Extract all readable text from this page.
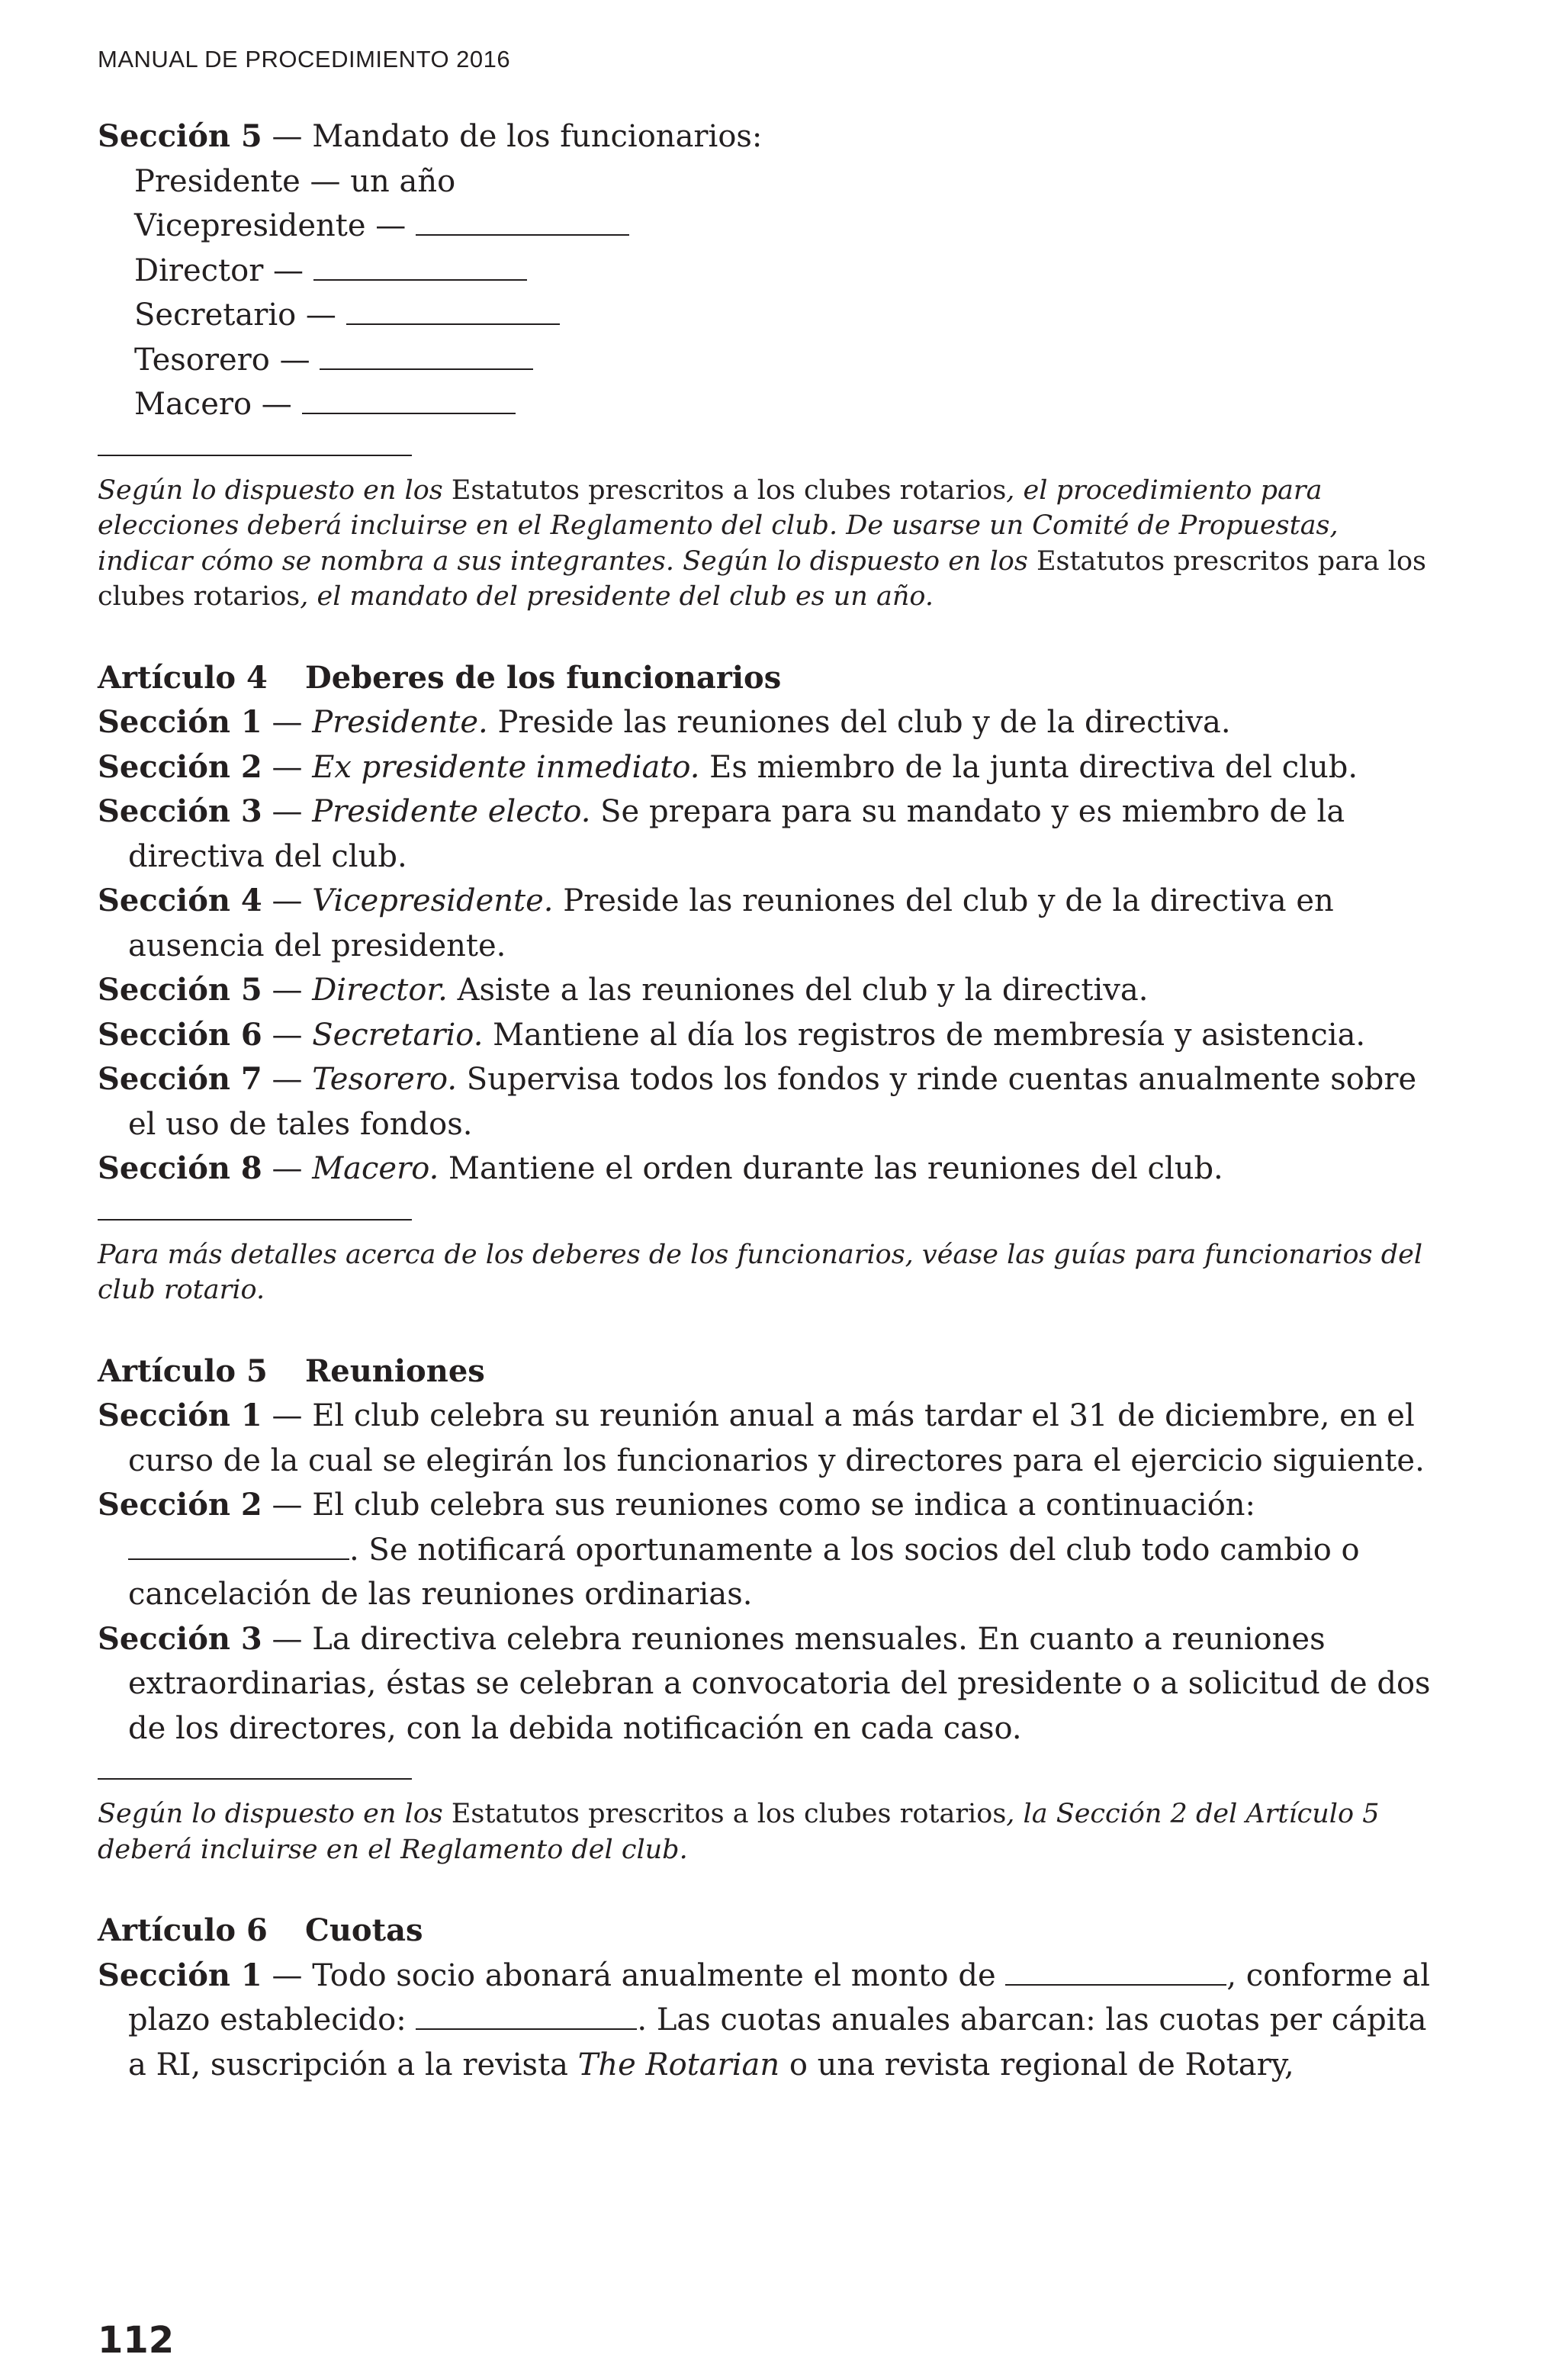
MANUAL DE PROCEDIMIENTO 2016

Sección 5 — Mandato de los funcionarios:

Presidente — un año

Vicepresidente —

Director —

Secretario —

Tesorero —

Macero —

Según lo dispuesto en los Estatutos prescritos a los clubes rotarios, el procedimiento para elecciones deberá incluirse en el Reglamento del club. De usarse un Comité de Propuestas, indicar cómo se nombra a sus integrantes. Según lo dispuesto en los Estatutos prescritos para los clubes rotarios, el mandato del presidente del club es un año.

Artículo 4 Deberes de los funcionarios

Sección 1 — Presidente. Preside las reuniones del club y de la directiva.

Sección 2 — Ex presidente inmediato. Es miembro de la junta directiva del club.

Sección 3 — Presidente electo. Se prepara para su mandato y es miembro de la directiva del club.

Sección 4 — Vicepresidente. Preside las reuniones del club y de la directiva en ausencia del presidente.

Sección 5 — Director. Asiste a las reuniones del club y la directiva.

Sección 6 — Secretario. Mantiene al día los registros de membresía y asistencia.

Sección 7 — Tesorero. Supervisa todos los fondos y rinde cuentas anualmente sobre el uso de tales fondos.

Sección 8 — Macero. Mantiene el orden durante las reuniones del club.

Para más detalles acerca de los deberes de los funcionarios, véase las guías para funcionarios del club rotario.

Artículo 5 Reuniones

Sección 1 — El club celebra su reunión anual a más tardar el 31 de diciembre, en el curso de la cual se elegirán los funcionarios y directores para el ejercicio siguiente.

Sección 2 — El club celebra sus reuniones como se indica a continuación: . Se notificará oportunamente a los socios del club todo cambio o cancelación de las reuniones ordinarias.

Sección 3 — La directiva celebra reuniones mensuales. En cuanto a reuniones extraordinarias, éstas se celebran a convocatoria del presidente o a solicitud de dos de los directores, con la debida notificación en cada caso.

Según lo dispuesto en los Estatutos prescritos a los clubes rotarios, la Sección 2 del Artículo 5 deberá incluirse en el Reglamento del club.

Artículo 6 Cuotas

Sección 1 — Todo socio abonará anualmente el monto de	, conforme al plazo establecido:	. Las cuotas anuales abarcan: las cuotas per cápita a RI, suscripción a la revista The Rotarian o una revista regional de Rotary,

112
